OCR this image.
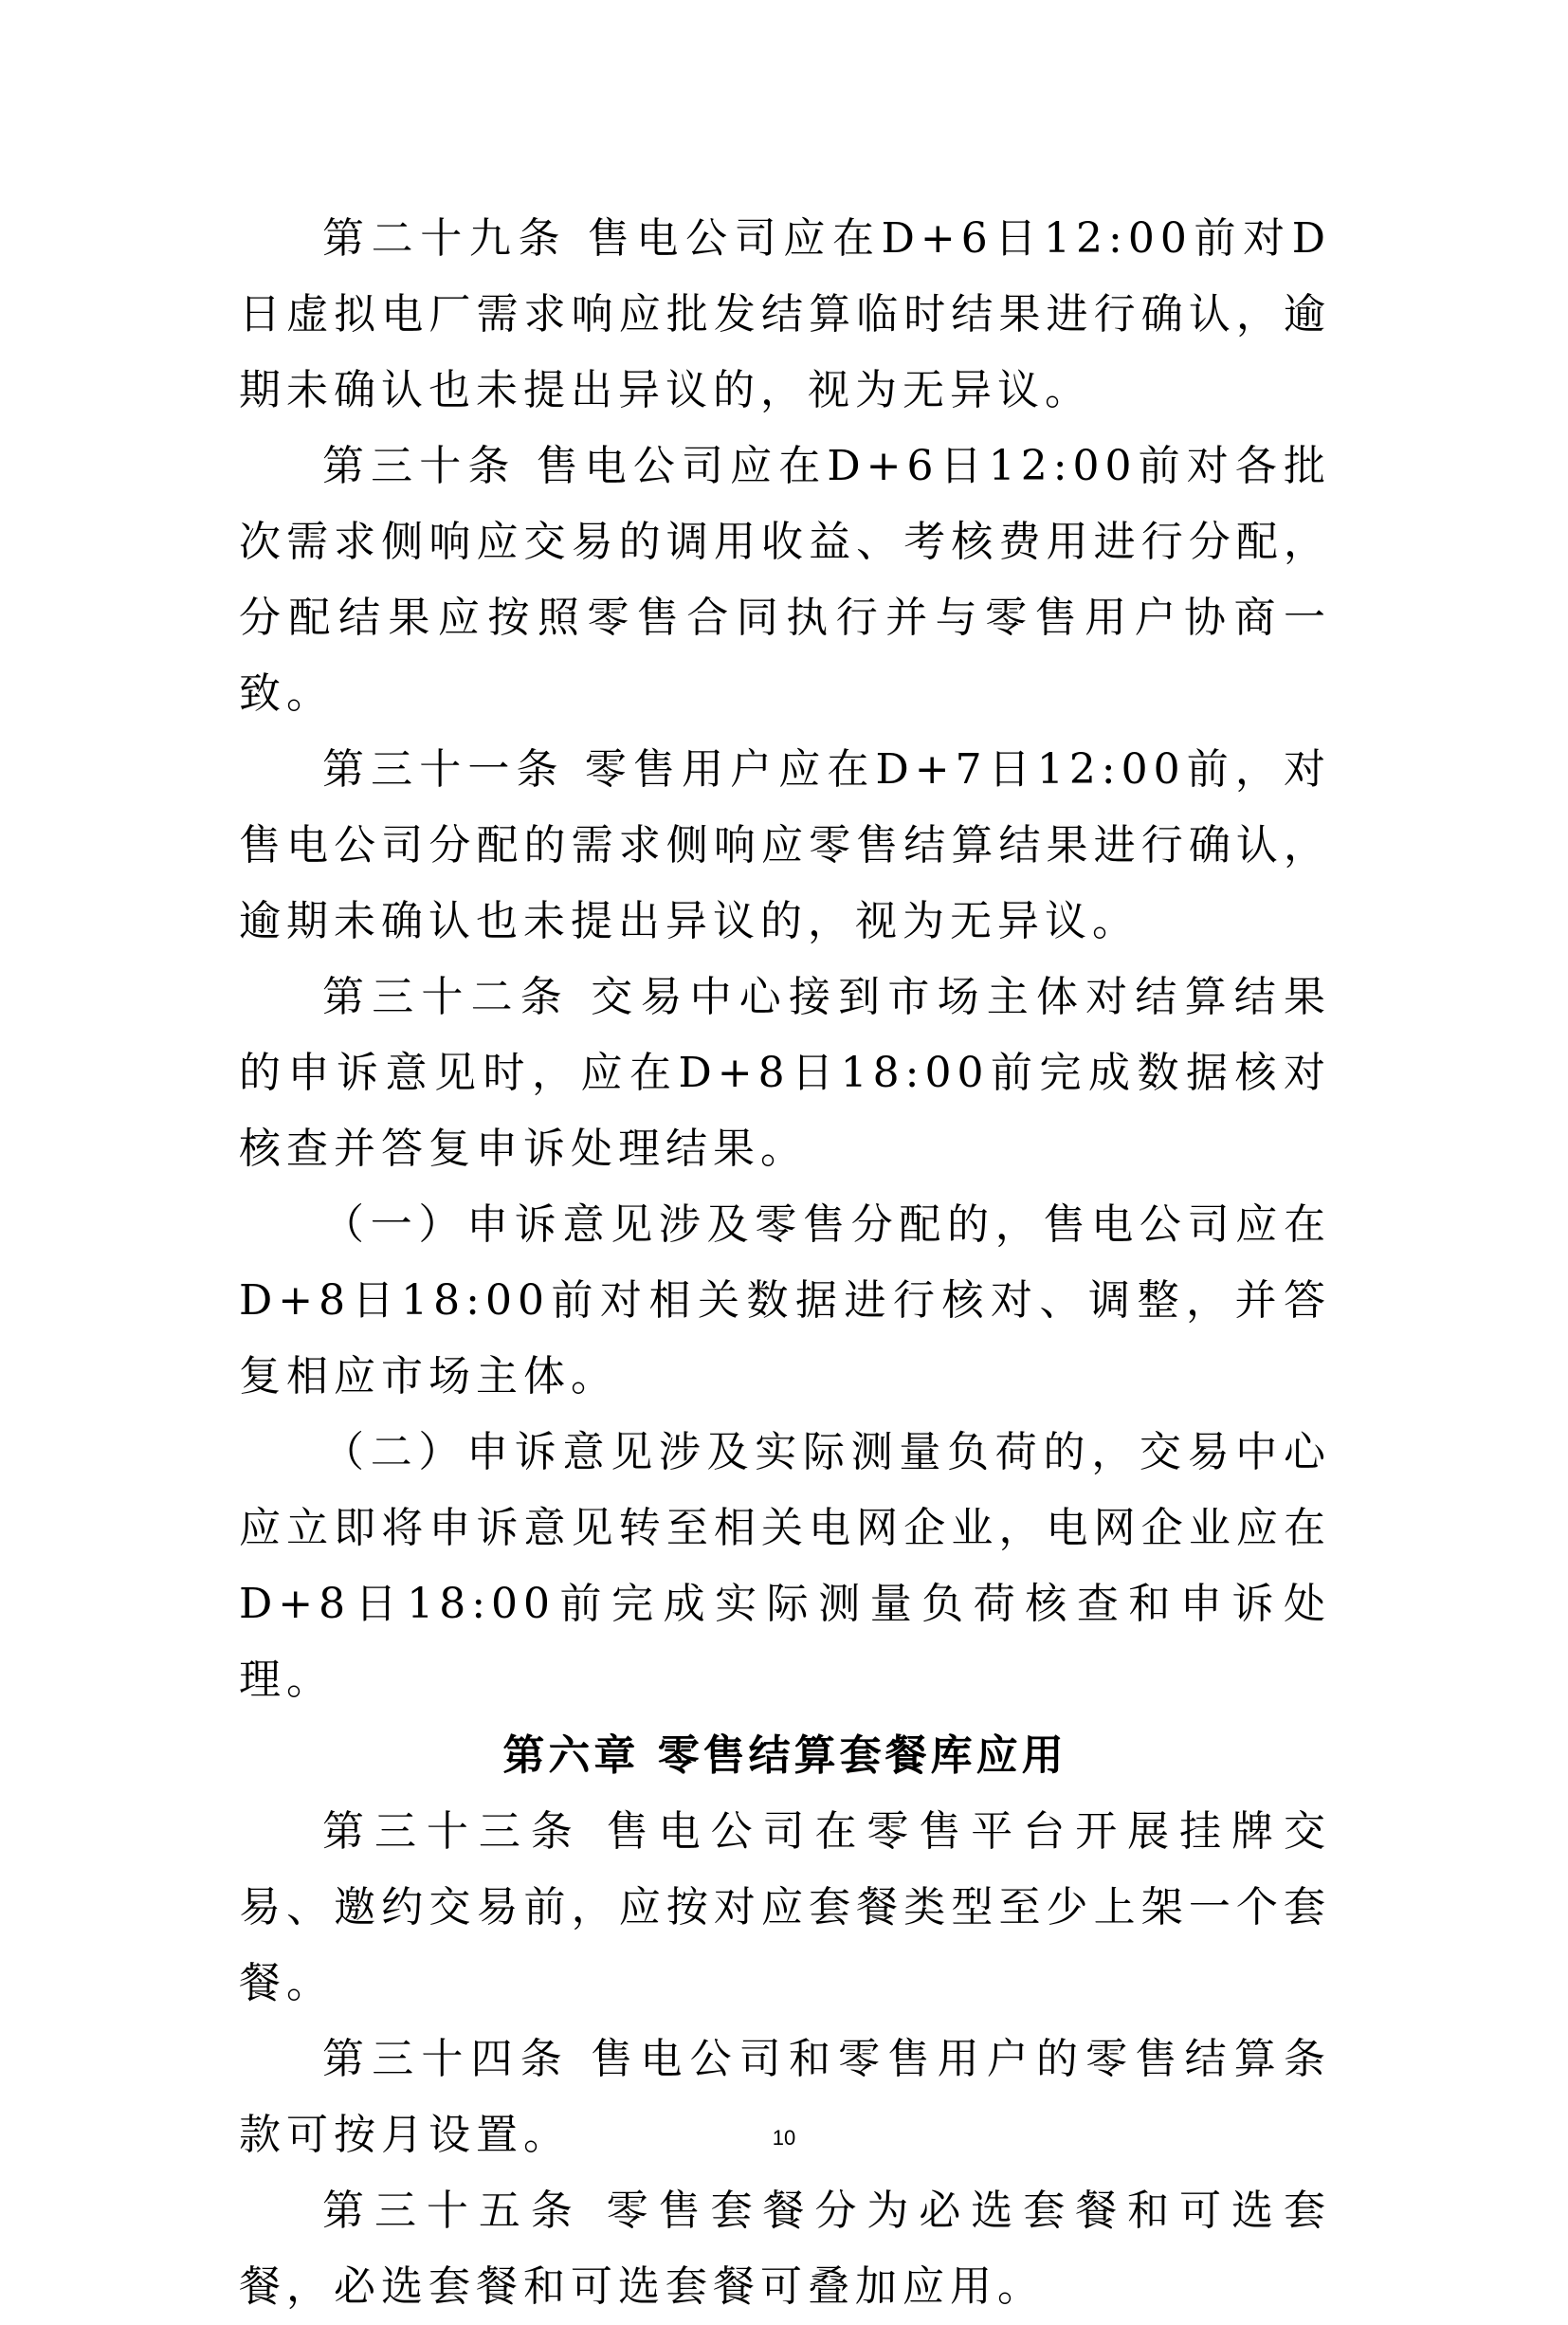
第二十九条 售电公司应在D+6日12:00前对D日虚拟电厂需求响应批发结算临时结果进行确认，逾期未确认也未提出异议的，视为无异议。

第三十条 售电公司应在D+6日12:00前对各批次需求侧响应交易的调用收益、考核费用进行分配，分配结果应按照零售合同执行并与零售用户协商一致。

第三十一条 零售用户应在D+7日12:00前，对售电公司分配的需求侧响应零售结算结果进行确认，逾期未确认也未提出异议的，视为无异议。

第三十二条 交易中心接到市场主体对结算结果的申诉意见时，应在D+8日18:00前完成数据核对核查并答复申诉处理结果。

（一）申诉意见涉及零售分配的，售电公司应在D+8日18:00前对相关数据进行核对、调整，并答复相应市场主体。

（二）申诉意见涉及实际测量负荷的，交易中心应立即将申诉意见转至相关电网企业，电网企业应在D+8日18:00前完成实际测量负荷核查和申诉处理。

第六章 零售结算套餐库应用

第三十三条 售电公司在零售平台开展挂牌交易、邀约交易前，应按对应套餐类型至少上架一个套餐。

第三十四条 售电公司和零售用户的零售结算条款可按月设置。

第三十五条 零售套餐分为必选套餐和可选套餐，必选套餐和可选套餐可叠加应用。

10
